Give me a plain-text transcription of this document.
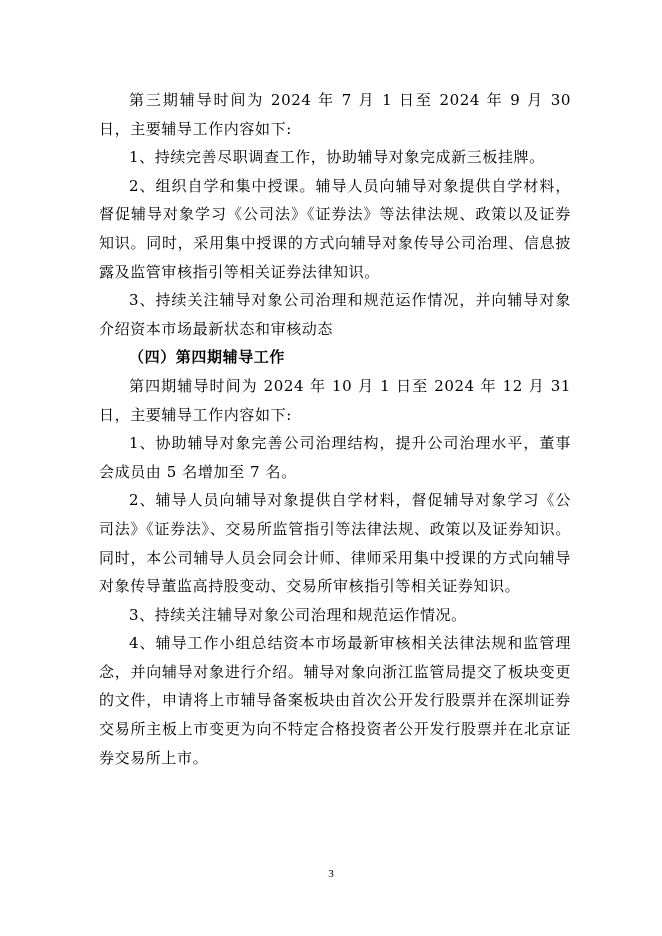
第三期辅导时间为 2024 年 7 月 1 日至 2024 年 9 月 30 日，主要辅导工作内容如下:

1、持续完善尽职调查工作，协助辅导对象完成新三板挂牌。

2、组织自学和集中授课。辅导人员向辅导对象提供自学材料，督促辅导对象学习《公司法》《证券法》等法律法规、政策以及证券知识。同时，采用集中授课的方式向辅导对象传导公司治理、信息披露及监管审核指引等相关证券法律知识。

3、持续关注辅导对象公司治理和规范运作情况，并向辅导对象介绍资本市场最新状态和审核动态

（四）第四期辅导工作

第四期辅导时间为 2024 年 10 月 1 日至 2024 年 12 月 31 日，主要辅导工作内容如下:

1、协助辅导对象完善公司治理结构，提升公司治理水平，董事会成员由 5 名增加至 7 名。

2、辅导人员向辅导对象提供自学材料，督促辅导对象学习《公司法》《证券法》、交易所监管指引等法律法规、政策以及证券知识。同时，本公司辅导人员会同会计师、律师采用集中授课的方式向辅导对象传导董监高持股变动、交易所审核指引等相关证券知识。

3、持续关注辅导对象公司治理和规范运作情况。

4、辅导工作小组总结资本市场最新审核相关法律法规和监管理念，并向辅导对象进行介绍。辅导对象向浙江监管局提交了板块变更的文件，申请将上市辅导备案板块由首次公开发行股票并在深圳证券交易所主板上市变更为向不特定合格投资者公开发行股票并在北京证券交易所上市。

3
